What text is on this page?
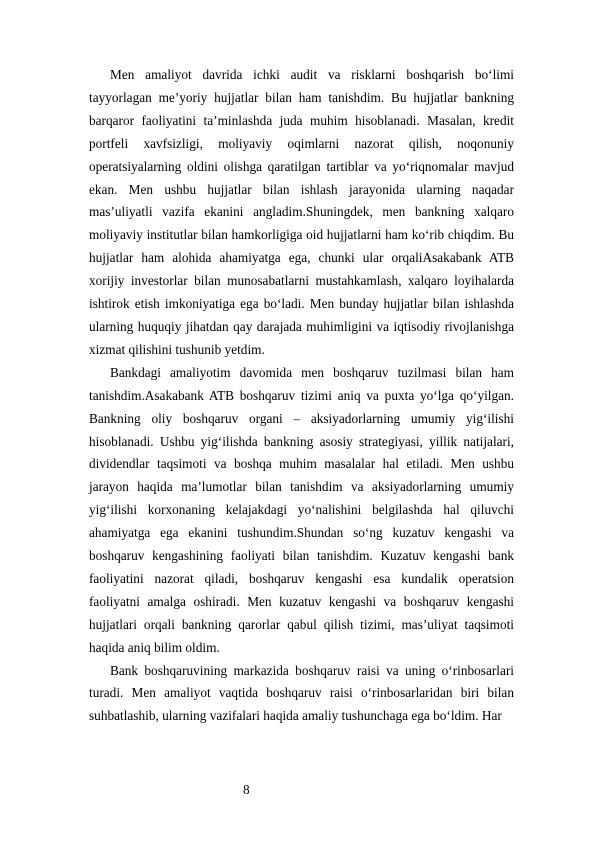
Men amaliyot davrida ichki audit va risklarni boshqarish bo‘limi tayyorlagan me’yoriy hujjatlar bilan ham tanishdim. Bu hujjatlar bankning barqaror faoliyatini ta’minlashda juda muhim hisoblanadi. Masalan, kredit portfeli xavfsizligi, moliyaviy oqimlarni nazorat qilish, noqonuniy operatsiyalarning oldini olishga qaratilgan tartiblar va yo‘riqnomalar mavjud ekan. Men ushbu hujjatlar bilan ishlash jarayonida ularning naqadar mas’uliyatli vazifa ekanini angladim.Shuningdek, men bankning xalqaro moliyaviy institutlar bilan hamkorligiga oid hujjatlarni ham ko‘rib chiqdim. Bu hujjatlar ham alohida ahamiyatga ega, chunki ular orqaliAsakabank ATB xorijiy investorlar bilan munosabatlarni mustahkamlash, xalqaro loyihalarda ishtirok etish imkoniyatiga ega bo‘ladi. Men bunday hujjatlar bilan ishlashda ularning huquqiy jihatdan qay darajada muhimligini va iqtisodiy rivojlanishga xizmat qilishini tushunib yetdim.

Bankdagi amaliyotim davomida men boshqaruv tuzilmasi bilan ham tanishdim.Asakabank ATB boshqaruv tizimi aniq va puxta yo‘lga qo‘yilgan. Bankning oliy boshqaruv organi – aksiyadorlarning umumiy yig‘ilishi hisoblanadi. Ushbu yig‘ilishda bankning asosiy strategiyasi, yillik natijalari, dividendlar taqsimoti va boshqa muhim masalalar hal etiladi. Men ushbu jarayon haqida ma’lumotlar bilan tanishdim va aksiyadorlarning umumiy yig‘ilishi korxonaning kelajakdagi yo‘nalishini belgilashda hal qiluvchi ahamiyatga ega ekanini tushundim.Shundan so‘ng kuzatuv kengashi va boshqaruv kengashining faoliyati bilan tanishdim. Kuzatuv kengashi bank faoliyatini nazorat qiladi, boshqaruv kengashi esa kundalik operatsion faoliyatni amalga oshiradi. Men kuzatuv kengashi va boshqaruv kengashi hujjatlari orqali bankning qarorlar qabul qilish tizimi, mas’uliyat taqsimoti haqida aniq bilim oldim.

Bank boshqaruvining markazida boshqaruv raisi va uning o‘rinbosarlari turadi. Men amaliyot vaqtida boshqaruv raisi o‘rinbosarlaridan biri bilan suhbatlashib, ularning vazifalari haqida amaliy tushunchaga ega bo‘ldim. Har

8
